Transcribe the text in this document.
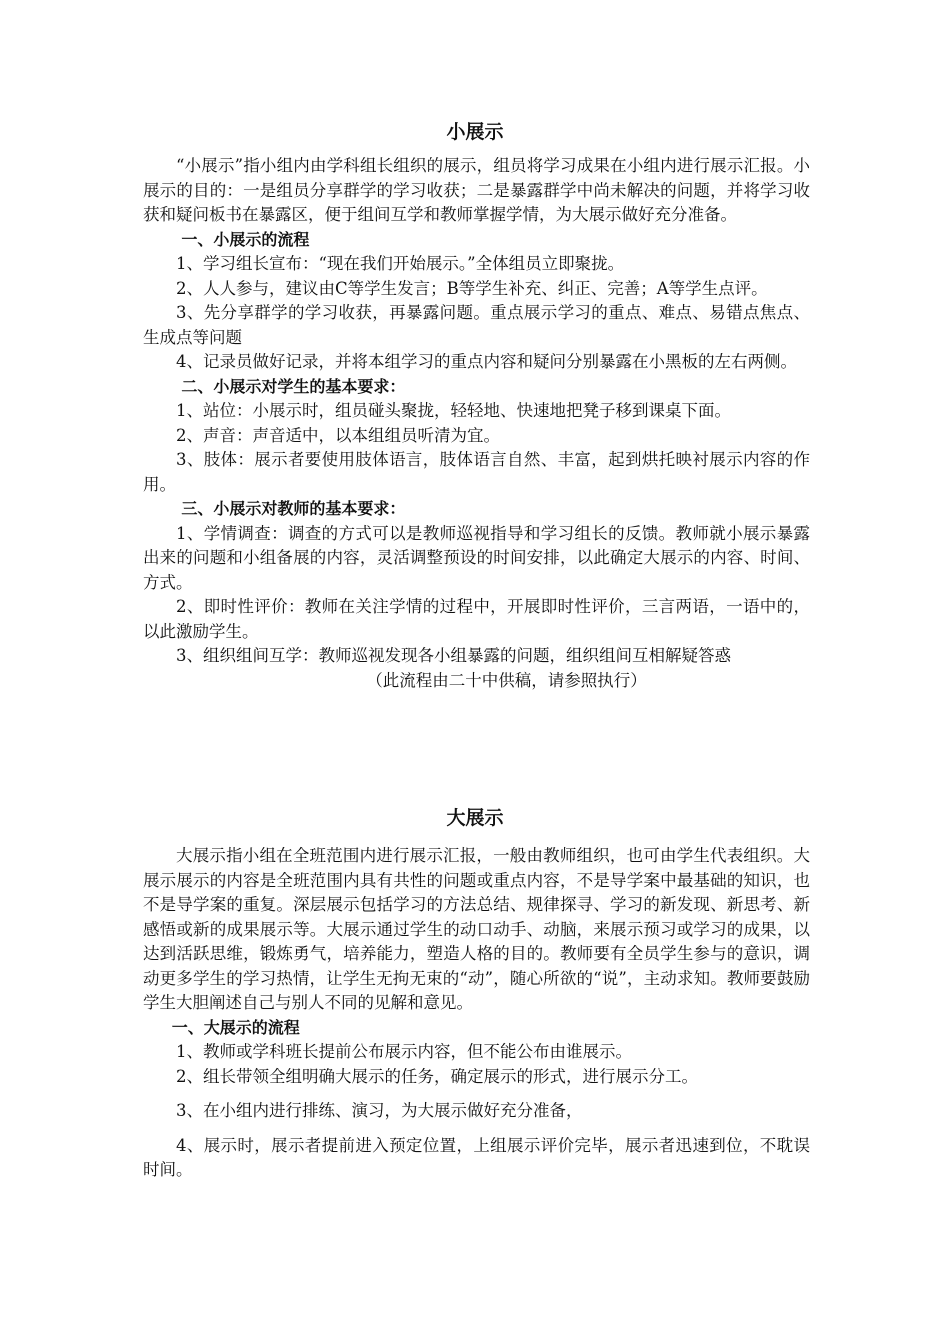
小展示

“小展示”指小组内由学科组长组织的展示，组员将学习成果在小组内进行展示汇报。小展示的目的：一是组员分享群学的学习收获；二是暴露群学中尚未解决的问题，并将学习收获和疑问板书在暴露区，便于组间互学和教师掌握学情，为大展示做好充分准备。

一、小展示的流程

1、学习组长宣布：“现在我们开始展示。”全体组员立即聚拢。

2、人人参与，建议由C等学生发言；B等学生补充、纠正、完善；A等学生点评。

3、先分享群学的学习收获，再暴露问题。重点展示学习的重点、难点、易错点焦点、生成点等问题

4、记录员做好记录，并将本组学习的重点内容和疑问分别暴露在小黑板的左右两侧。

二、小展示对学生的基本要求：

1、站位：小展示时，组员碰头聚拢，轻轻地、快速地把凳子移到课桌下面。

2、声音：声音适中，以本组组员听清为宜。

3、肢体：展示者要使用肢体语言，肢体语言自然、丰富，起到烘托映衬展示内容的作用。

三、小展示对教师的基本要求：

1、学情调查：调查的方式可以是教师巡视指导和学习组长的反馈。教师就小展示暴露出来的问题和小组备展的内容，灵活调整预设的时间安排，以此确定大展示的内容、时间、方式。

2、即时性评价：教师在关注学情的过程中，开展即时性评价，三言两语，一语中的，以此激励学生。

3、组织组间互学：教师巡视发现各小组暴露的问题，组织组间互相解疑答惑

（此流程由二十中供稿，请参照执行）

大展示

大展示指小组在全班范围内进行展示汇报，一般由教师组织，也可由学生代表组织。大展示展示的内容是全班范围内具有共性的问题或重点内容，不是导学案中最基础的知识，也不是导学案的重复。深层展示包括学习的方法总结、规律探寻、学习的新发现、新思考、新感悟或新的成果展示等。大展示通过学生的动口动手、动脑，来展示预习或学习的成果，以达到活跃思维，锻炼勇气，培养能力，塑造人格的目的。教师要有全员学生参与的意识，调动更多学生的学习热情，让学生无拘无束的“动”，随心所欲的“说”，主动求知。教师要鼓励学生大胆阐述自己与别人不同的见解和意见。

一、大展示的流程

1、教师或学科班长提前公布展示内容，但不能公布由谁展示。

2、组长带领全组明确大展示的任务，确定展示的形式，进行展示分工。

3、在小组内进行排练、演习，为大展示做好充分准备，

4、展示时，展示者提前进入预定位置，上组展示评价完毕，展示者迅速到位，不耽误时间。
